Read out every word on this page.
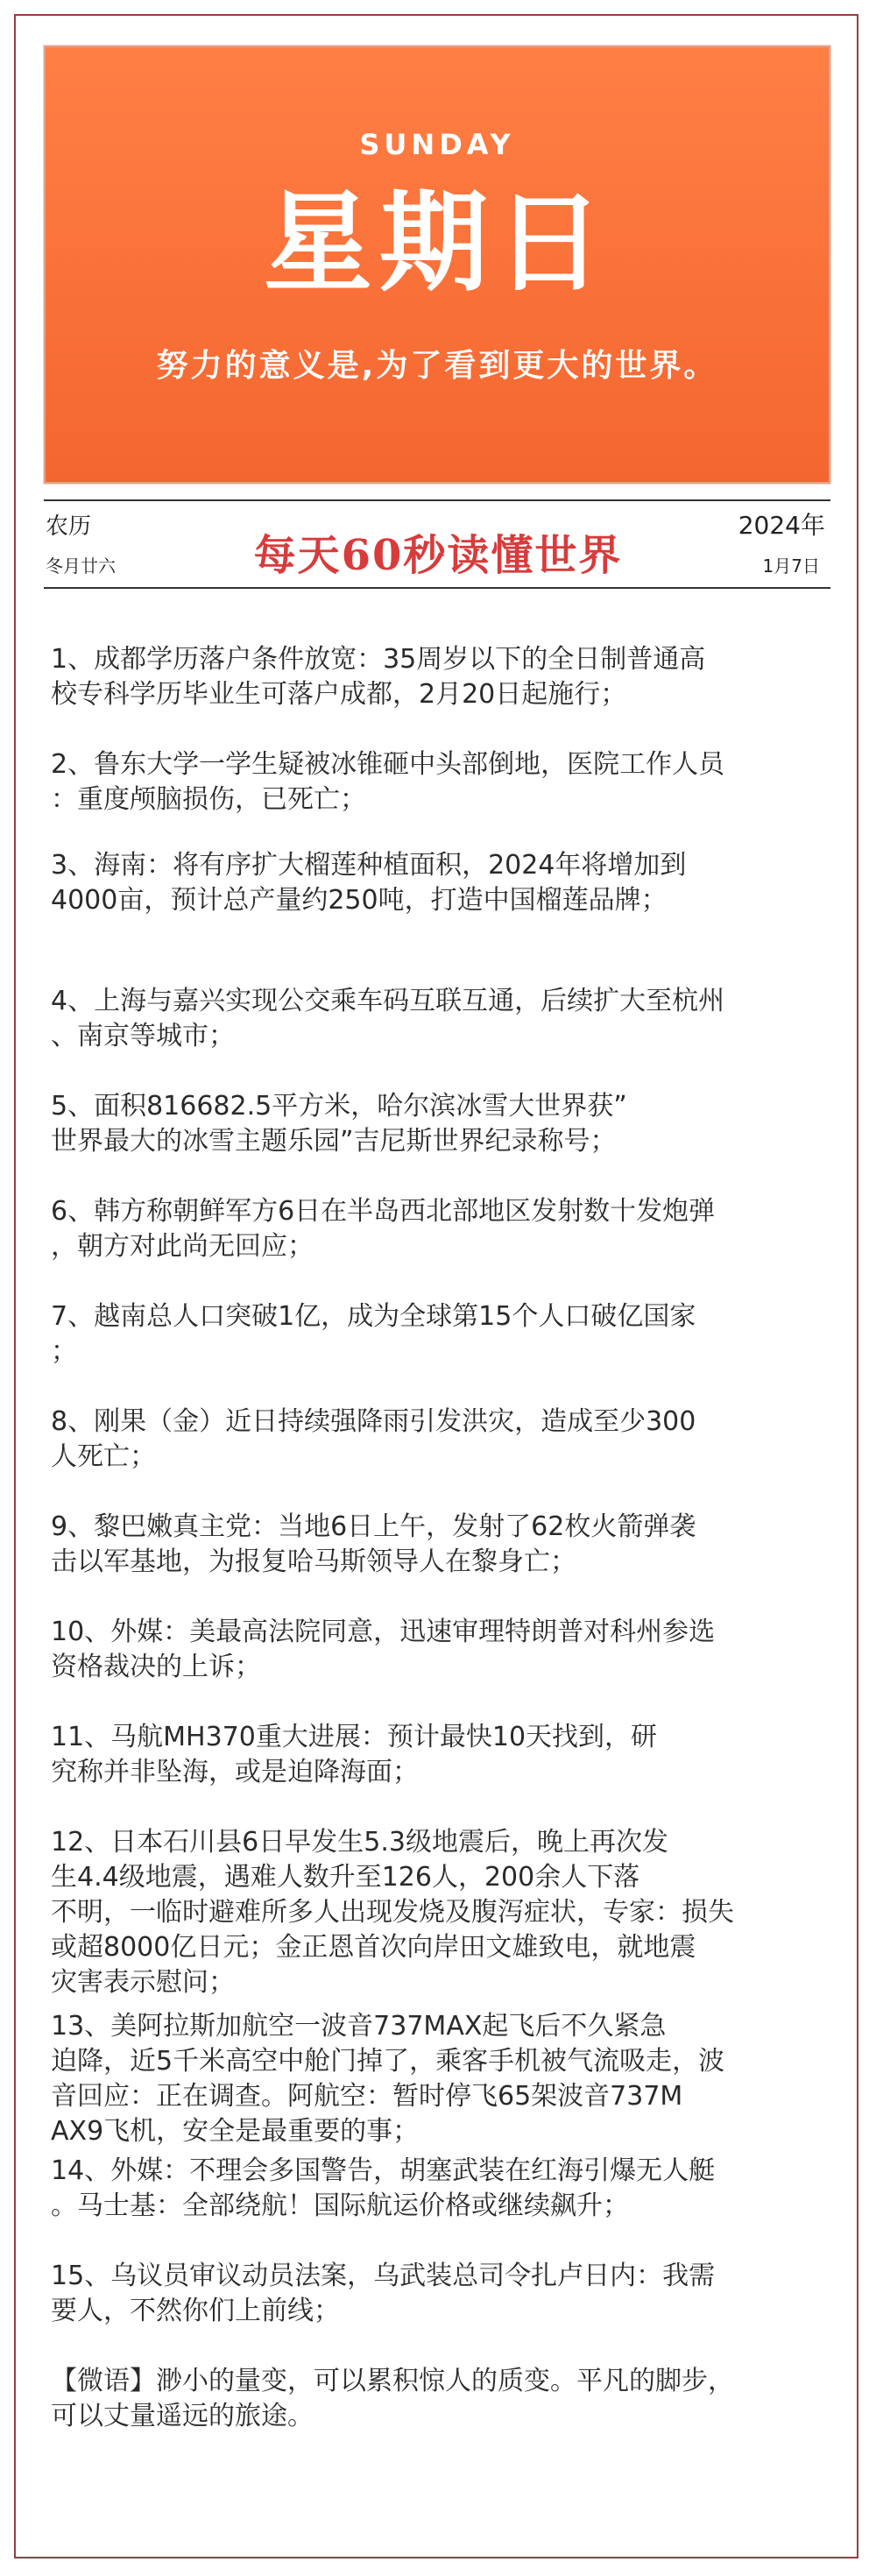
SUNDAY
星期日
努力的意义是,为了看到更大的世界。
农历
冬月廿六	每天60秒读懂世界
2024年
1月7日

1、成都学历落户条件放宽：35周岁以下的全日制普通高
校专科学历毕业生可落户成都，2月20日起施行；

2、鲁东大学一学生疑被冰锥砸中头部倒地，医院工作人员
：重度颅脑损伤，已死亡；

3、海南：将有序扩大榴莲种植面积，2024年将增加到
4000亩，预计总产量约250吨，打造中国榴莲品牌；

4、上海与嘉兴实现公交乘车码互联互通，后续扩大至杭州
、南京等城市；

5、面积816682.5平方米，哈尔滨冰雪大世界获”
世界最大的冰雪主题乐园”吉尼斯世界纪录称号；

6、韩方称朝鲜军方6日在半岛西北部地区发射数十发炮弹
，朝方对此尚无回应；

7、越南总人口突破1亿，成为全球第15个人口破亿国家
；

8、刚果（金）近日持续强降雨引发洪灾，造成至少300
人死亡；

9、黎巴嫩真主党：当地6日上午，发射了62枚火箭弹袭
击以军基地，为报复哈马斯领导人在黎身亡；

10、外媒：美最高法院同意，迅速审理特朗普对科州参选
资格裁决的上诉；

11、马航MH370重大进展：预计最快10天找到，研
究称并非坠海，或是迫降海面；

12、日本石川县6日早发生5.3级地震后，晚上再次发
生4.4级地震，遇难人数升至126人，200余人下落
不明，一临时避难所多人出现发烧及腹泻症状，专家：损失
或超8000亿日元；金正恩首次向岸田文雄致电，就地震
灾害表示慰问；

13、美阿拉斯加航空一波音737MAX起飞后不久紧急
迫降，近5千米高空中舱门掉了，乘客手机被气流吸走，波
音回应：正在调查。阿航空：暂时停飞65架波音737M
AX9飞机，安全是最重要的事；

14、外媒：不理会多国警告，胡塞武装在红海引爆无人艇
。马士基：全部绕航！国际航运价格或继续飙升；

15、乌议员审议动员法案，乌武装总司令扎卢日内：我需
要人，不然你们上前线；

【微语】渺小的量变，可以累积惊人的质变。平凡的脚步，
可以丈量遥远的旅途。
